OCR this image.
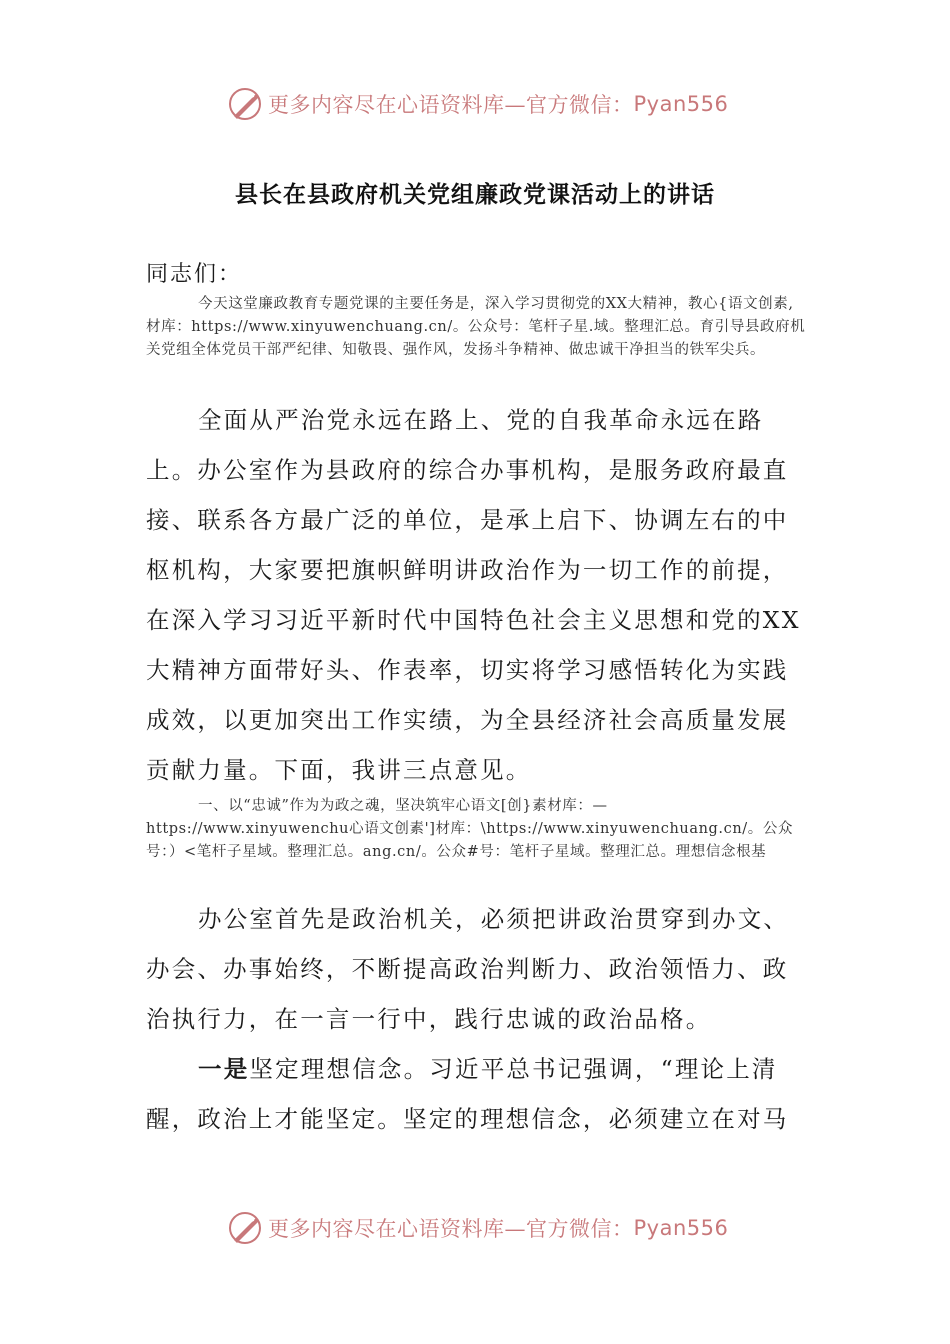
更多内容尽在心语资料库—官方微信： Pyan556
县长在县政府机关党组廉政党课活动上的讲话
同志们：
今天这堂廉政教育专题党课的主要任务是，深入学习贯彻党的XX大精神，教心{语文创素,材库：https://www.xinyuwenchuang.cn/。公众号：笔杆子星.域。整理汇总。育引导县政府机关党组全体党员干部严纪律、知敬畏、强作风，发扬斗争精神、做忠诚干净担当的铁军尖兵。
全面从严治党永远在路上、党的自我革命永远在路上。办公室作为县政府的综合办事机构，是服务政府最直接、联系各方最广泛的单位，是承上启下、协调左右的中枢机构，大家要把旗帜鲜明讲政治作为一切工作的前提，在深入学习习近平新时代中国特色社会主义思想和党的XX大精神方面带好头、作表率，切实将学习感悟转化为实践成效，以更加突出工作实绩，为全县经济社会高质量发展贡献力量。下面，我讲三点意见。
一、以“忠诚”作为为政之魂，坚决筑牢心语文[创}素材库：—https://www.xinyuwenchu心语文创素']材库：\https://www.xinyuwenchuang.cn/。公众号：）<笔杆子星域。整理汇总。ang.cn/。公众#号：笔杆子星域。整理汇总。理想信念根基
办公室首先是政治机关，必须把讲政治贯穿到办文、办会、办事始终，不断提高政治判断力、政治领悟力、政治执行力，在一言一行中，践行忠诚的政治品格。
一是坚定理想信念。习近平总书记强调，“理论上清醒，政治上才能坚定。坚定的理想信念，必须建立在对马
更多内容尽在心语资料库—官方微信： Pyan556
